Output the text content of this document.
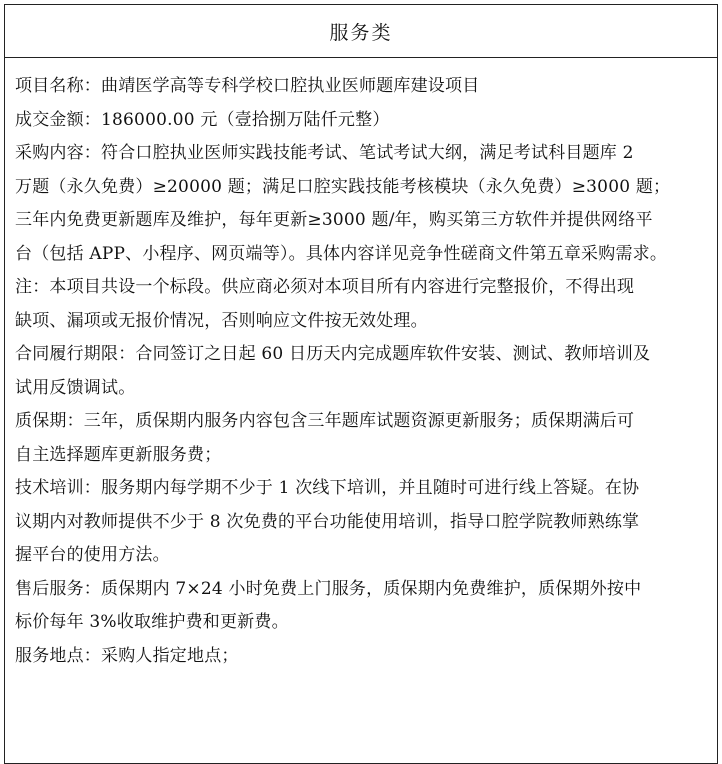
服务类
项目名称：曲靖医学高等专科学校口腔执业医师题库建设项目
成交金额：186000.00 元（壹拾捌万陆仟元整）
采购内容：符合口腔执业医师实践技能考试、笔试考试大纲，满足考试科目题库 2
万题（永久免费）≥20000 题；满足口腔实践技能考核模块（永久免费）≥3000 题；
三年内免费更新题库及维护，每年更新≥3000 题/年，购买第三方软件并提供网络平
台（包括 APP、小程序、网页端等）。具体内容详见竞争性磋商文件第五章采购需求。
注：本项目共设一个标段。供应商必须对本项目所有内容进行完整报价，不得出现
缺项、漏项或无报价情况，否则响应文件按无效处理。
合同履行期限：合同签订之日起 60 日历天内完成题库软件安装、测试、教师培训及
试用反馈调试。
质保期：三年，质保期内服务内容包含三年题库试题资源更新服务；质保期满后可
自主选择题库更新服务费；
技术培训：服务期内每学期不少于 1 次线下培训，并且随时可进行线上答疑。在协
议期内对教师提供不少于 8 次免费的平台功能使用培训，指导口腔学院教师熟练掌
握平台的使用方法。
售后服务：质保期内 7×24 小时免费上门服务，质保期内免费维护，质保期外按中
标价每年 3%收取维护费和更新费。
服务地点：采购人指定地点；
